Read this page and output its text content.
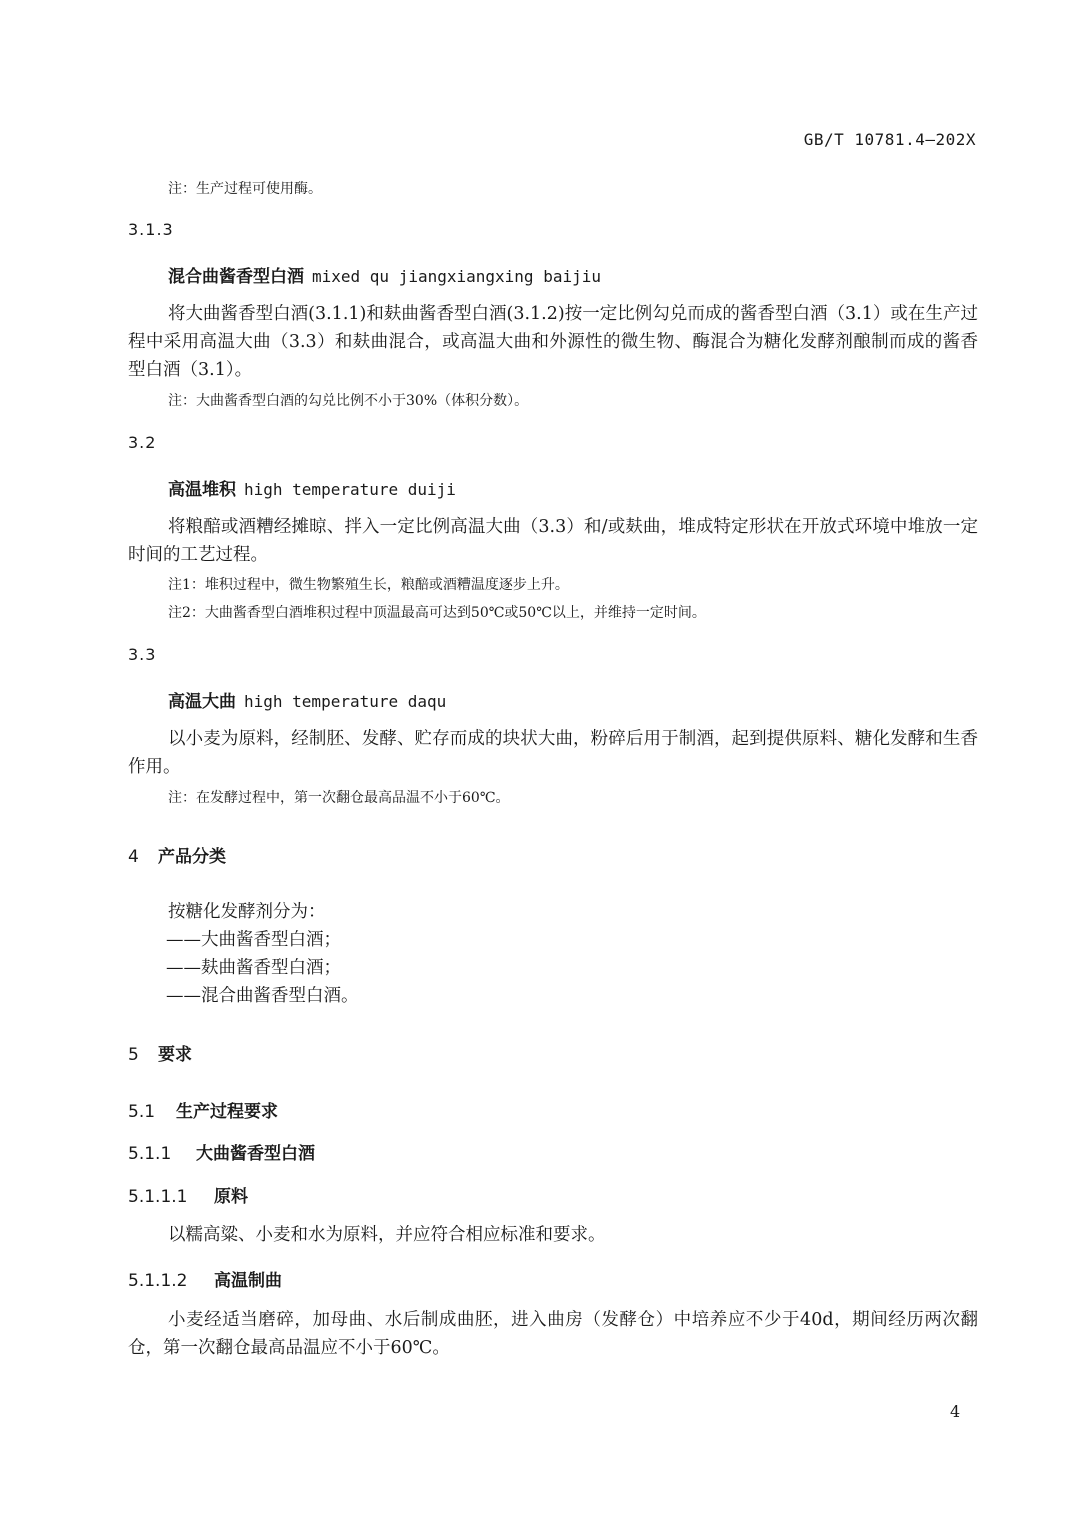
GB/T 10781.4—202X
注：生产过程可使用酶。
3.1.3
混合曲酱香型白酒 mixed qu jiangxiangxing baijiu
将大曲酱香型白酒(3.1.1)和麸曲酱香型白酒(3.1.2)按一定比例勾兑而成的酱香型白酒（3.1）或在生产过程中采用高温大曲（3.3）和麸曲混合，或高温大曲和外源性的微生物、酶混合为糖化发酵剂酿制而成的酱香型白酒（3.1）。
注：大曲酱香型白酒的勾兑比例不小于30%（体积分数）。
3.2
高温堆积 high temperature duiji
将粮醅或酒糟经摊晾、拌入一定比例高温大曲（3.3）和/或麸曲，堆成特定形状在开放式环境中堆放一定时间的工艺过程。
注1：堆积过程中，微生物繁殖生长，粮醅或酒糟温度逐步上升。
注2：大曲酱香型白酒堆积过程中顶温最高可达到50℃或50℃以上，并维持一定时间。
3.3
高温大曲 high temperature daqu
以小麦为原料，经制胚、发酵、贮存而成的块状大曲，粉碎后用于制酒，起到提供原料、糖化发酵和生香作用。
注：在发酵过程中，第一次翻仓最高品温不小于60℃。
4 产品分类
按糖化发酵剂分为：
——大曲酱香型白酒；
——麸曲酱香型白酒；
——混合曲酱香型白酒。
5 要求
5.1 生产过程要求
5.1.1 大曲酱香型白酒
5.1.1.1 原料
以糯高粱、小麦和水为原料，并应符合相应标准和要求。
5.1.1.2 高温制曲
小麦经适当磨碎，加母曲、水后制成曲胚，进入曲房（发酵仓）中培养应不少于40d，期间经历两次翻仓，第一次翻仓最高品温应不小于60℃。
4
